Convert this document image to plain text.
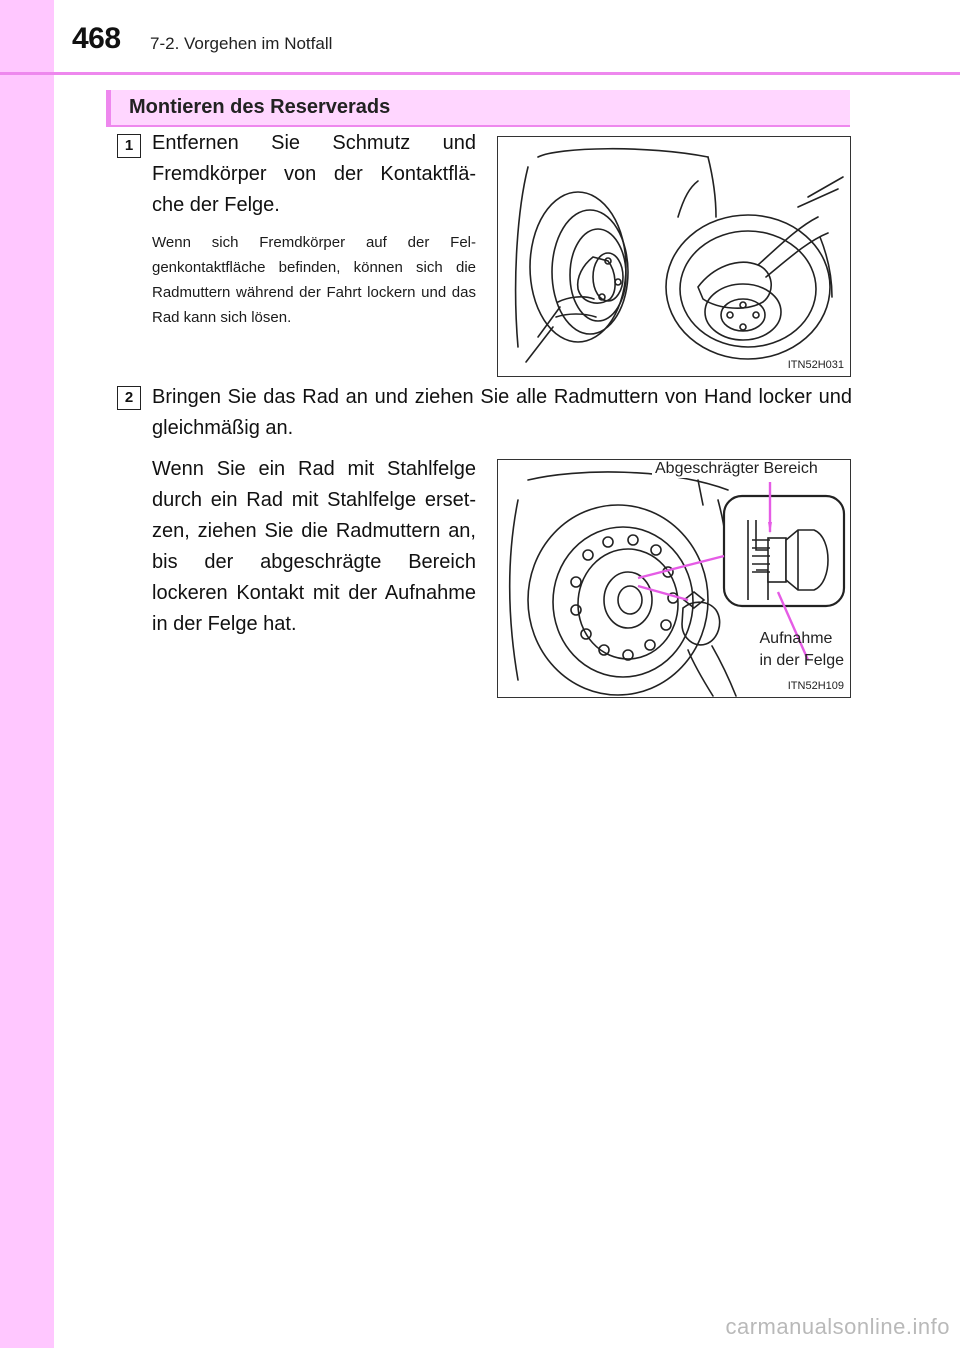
468 7-2. Vorgehen im Notfall
Montieren des Reserverads
1 Entfernen Sie Schmutz und Fremdkörper von der Kontaktflä- che der Felge.
Wenn sich Fremdkörper auf der Fel- genkontaktfläche befinden, können sich die Radmuttern während der Fahrt lockern und das Rad kann sich lösen.
ITN52H031
2 Bringen Sie das Rad an und ziehen Sie alle Radmuttern von Hand locker und gleichmäßig an.
Wenn Sie ein Rad mit Stahlfelge durch ein Rad mit Stahlfelge erset- zen, ziehen Sie die Radmuttern an, bis der abgeschrägte Bereich lockeren Kontakt mit der Aufnahme in der Felge hat.
Abgeschrägter Bereich
Aufnahme
in der Felge
ITN52H109
carmanualsonline.info
